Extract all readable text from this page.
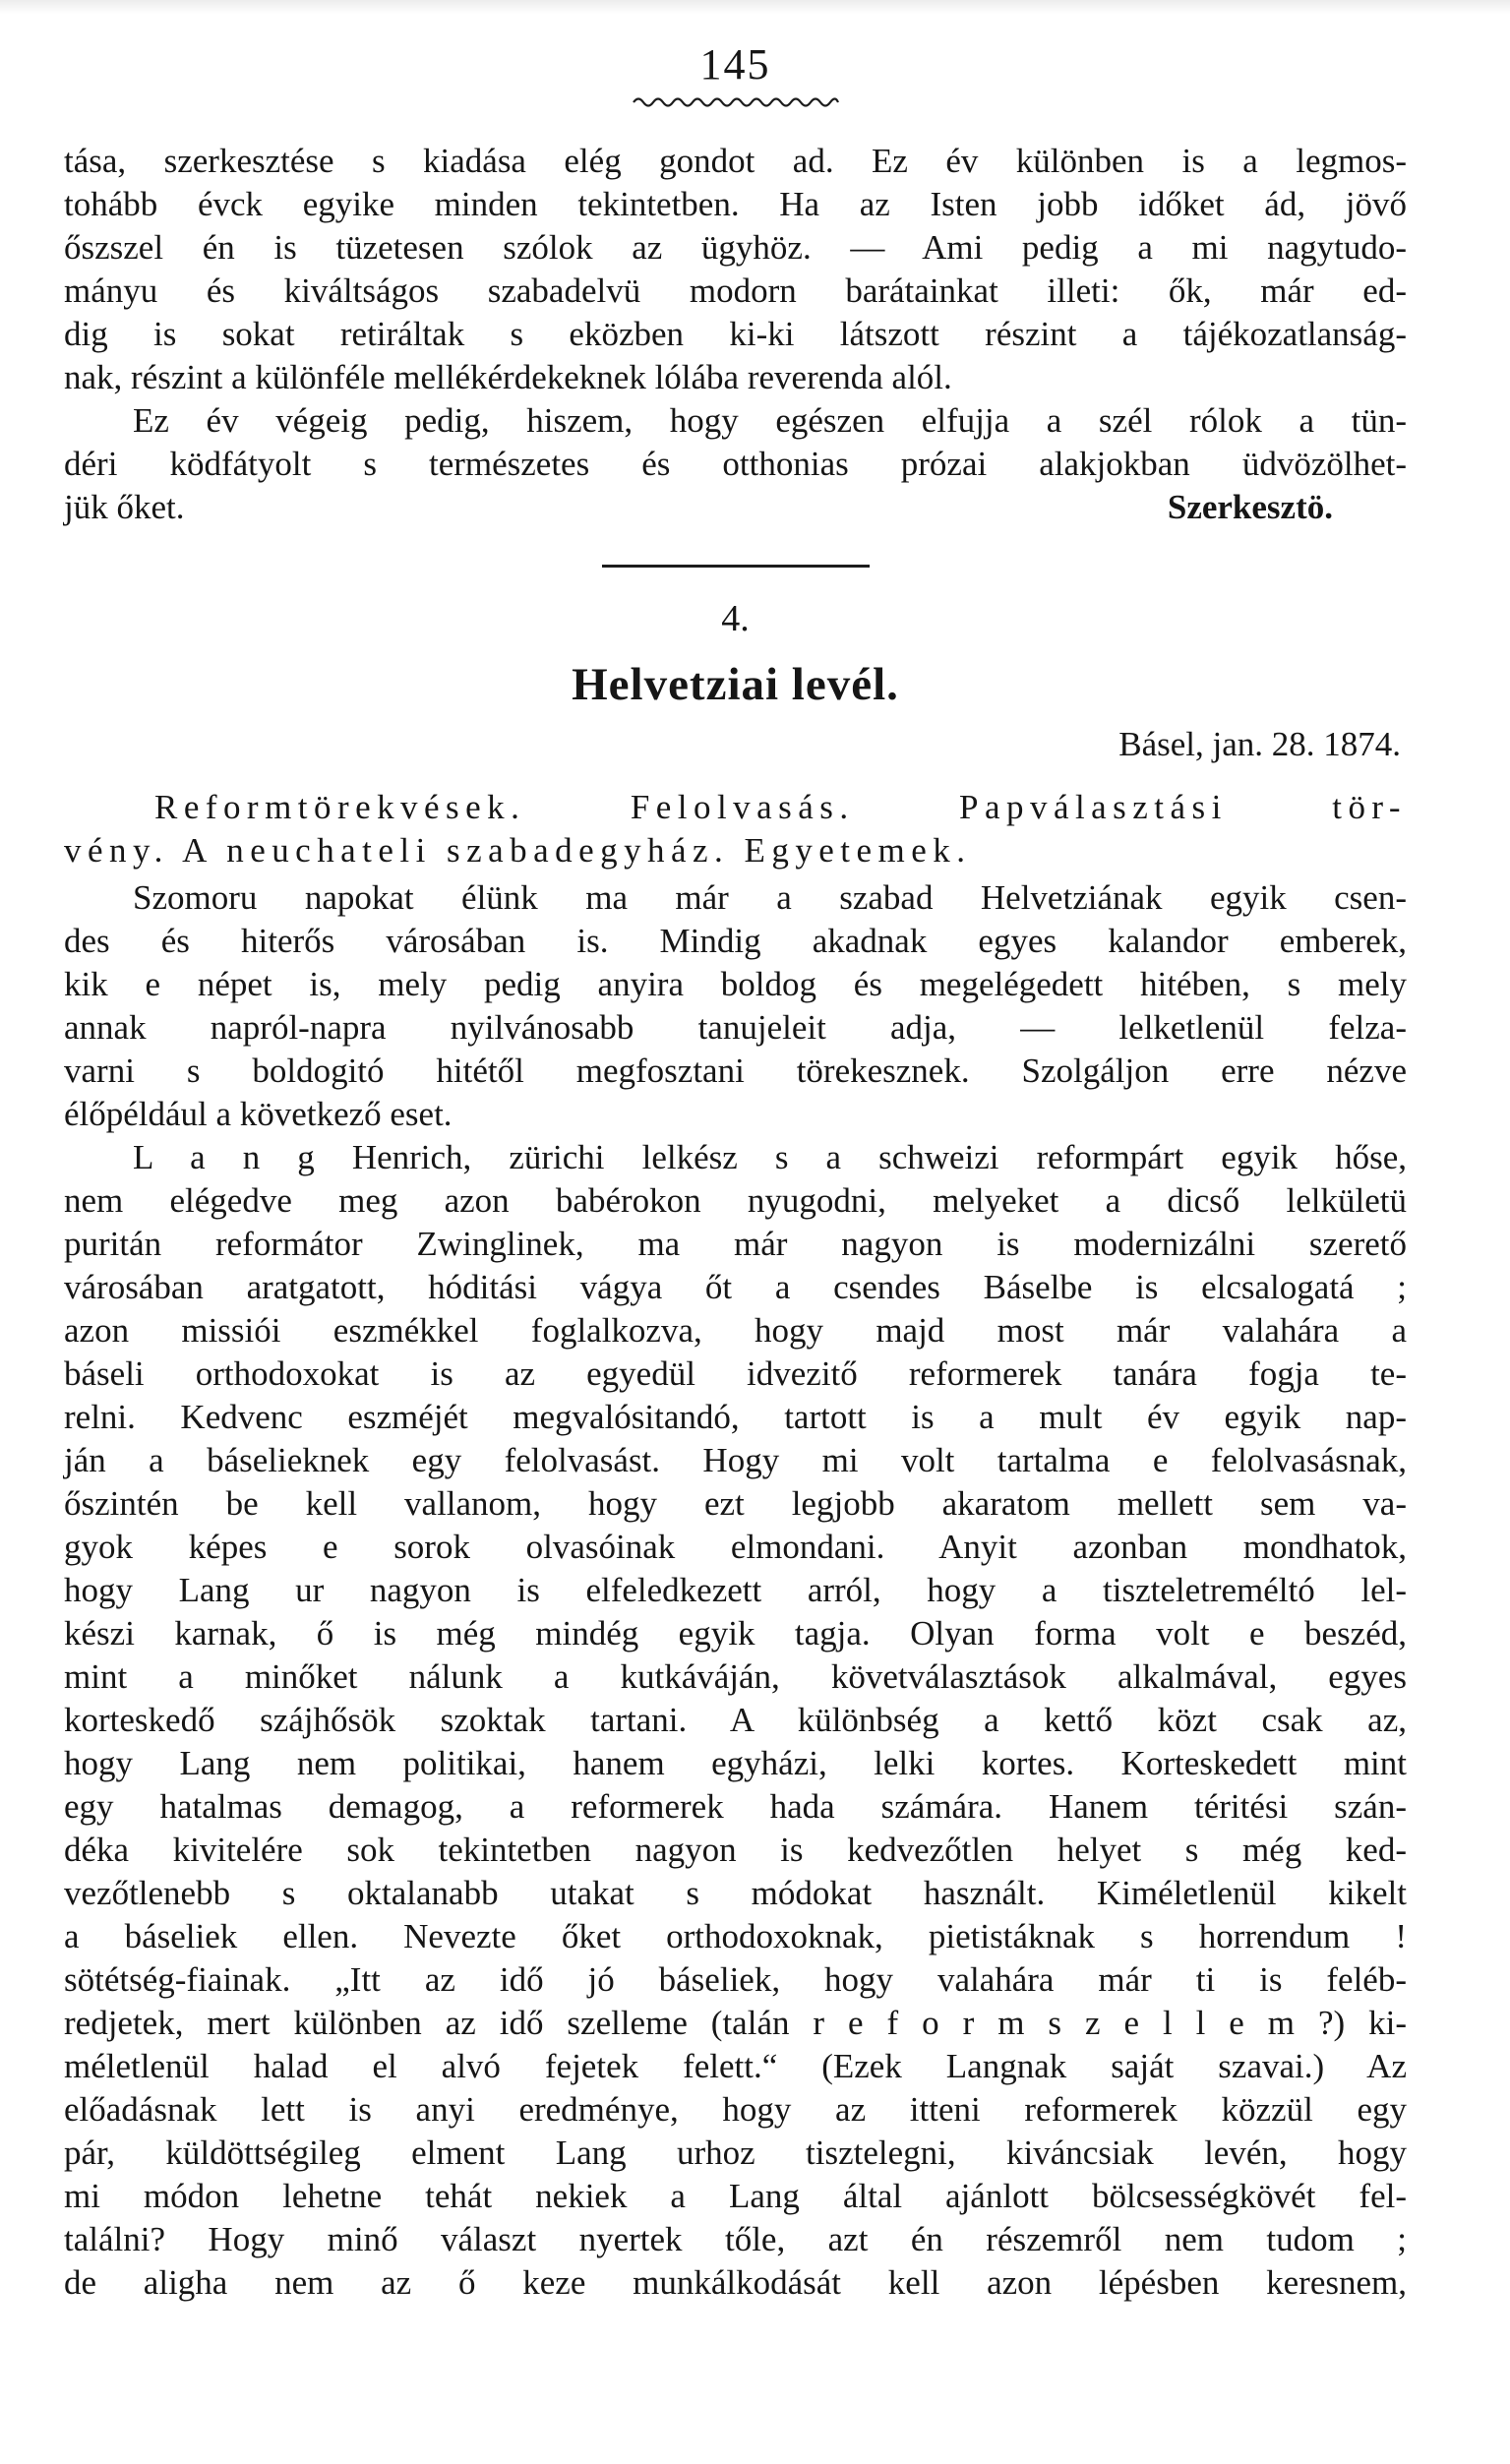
145
tása, szerkesztése s kiadása elég gondot ad. Ez év különben is a legmos-
tohább évck egyike minden tekintetben. Ha az Isten jobb időket ád, jövő
őszszel én is tüzetesen szólok az ügyhöz. — Ami pedig a mi nagytudo-
mányu és kiváltságos szabadelvü modorn barátainkat illeti: ők, már ed-
dig is sokat retiráltak s eközben ki-ki látszott részint a tájékozatlanság-
nak, részint a különféle mellékérdekeknek lólába reverenda alól.
Ez év végeig pedig, hiszem, hogy egészen elfujja a szél rólok a tün-
déri ködfátyolt s természetes és otthonias prózai alakjokban üdvözölhet-
jük őket.	Szerkesztö.
4.
Helvetziai levél.
Básel, jan. 28. 1874.
Reformtörekvések. Felolvasás. Papválasztási tör-
vény. A neuchateli szabadegyház. Egyetemek.
Szomoru napokat élünk ma már a szabad Helvetziának egyik csen-
des és hiterős városában is. Mindig akadnak egyes kalandor emberek,
kik e népet is, mely pedig anyira boldog és megelégedett hitében, s mely
annak napról-napra nyilvánosabb tanujeleit adja, — lelketlenül felza-
varni s boldogitó hitétől megfosztani törekesznek. Szolgáljon erre nézve
élőpéldául a következő eset.
L a n g Henrich, zürichi lelkész s a schweizi reformpárt egyik hőse,
nem elégedve meg azon babérokon nyugodni, melyeket a dicső lelkületü
puritán reformátor Zwinglinek, ma már nagyon is modernizálni szerető
városában aratgatott, hóditási vágya őt a csendes Báselbe is elcsalogatá ;
azon missiói eszmékkel foglalkozva, hogy majd most már valahára a
báseli orthodoxokat is az egyedül idvezitő reformerek tanára fogja te-
relni. Kedvenc eszméjét megvalósitandó, tartott is a mult év egyik nap-
ján a báselieknek egy felolvasást. Hogy mi volt tartalma e felolvasásnak,
őszintén be kell vallanom, hogy ezt legjobb akaratom mellett sem va-
gyok képes e sorok olvasóinak elmondani. Anyit azonban mondhatok,
hogy Lang ur nagyon is elfeledkezett arról, hogy a tiszteletreméltó lel-
készi karnak, ő is még mindég egyik tagja. Olyan forma volt e beszéd,
mint a minőket nálunk a kutkáváján, követválasztások alkalmával, egyes
korteskedő szájhősök szoktak tartani. A különbség a kettő közt csak az,
hogy Lang nem politikai, hanem egyházi, lelki kortes. Korteskedett mint
egy hatalmas demagog, a reformerek hada számára. Hanem téritési szán-
déka kivitelére sok tekintetben nagyon is kedvezőtlen helyet s még ked-
vezőtlenebb s oktalanabb utakat s módokat használt. Kiméletlenül kikelt
a báseliek ellen. Nevezte őket orthodoxoknak, pietistáknak s horrendum !
sötétség-fiainak. „Itt az idő jó báseliek, hogy valahára már ti is feléb-
redjetek, mert különben az idő szelleme (talán r e f o r m s z e l l e m ?) ki-
méletlenül halad el alvó fejetek felett.“ (Ezek Langnak saját szavai.) Az
előadásnak lett is anyi eredménye, hogy az itteni reformerek közzül egy
pár, küldöttségileg elment Lang urhoz tisztelegni, kiváncsiak levén, hogy
mi módon lehetne tehát nekiek a Lang által ajánlott bölcsességkövét fel-
találni? Hogy minő választ nyertek tőle, azt én részemről nem tudom ;
de aligha nem az ő keze munkálkodását kell azon lépésben keresnem,
